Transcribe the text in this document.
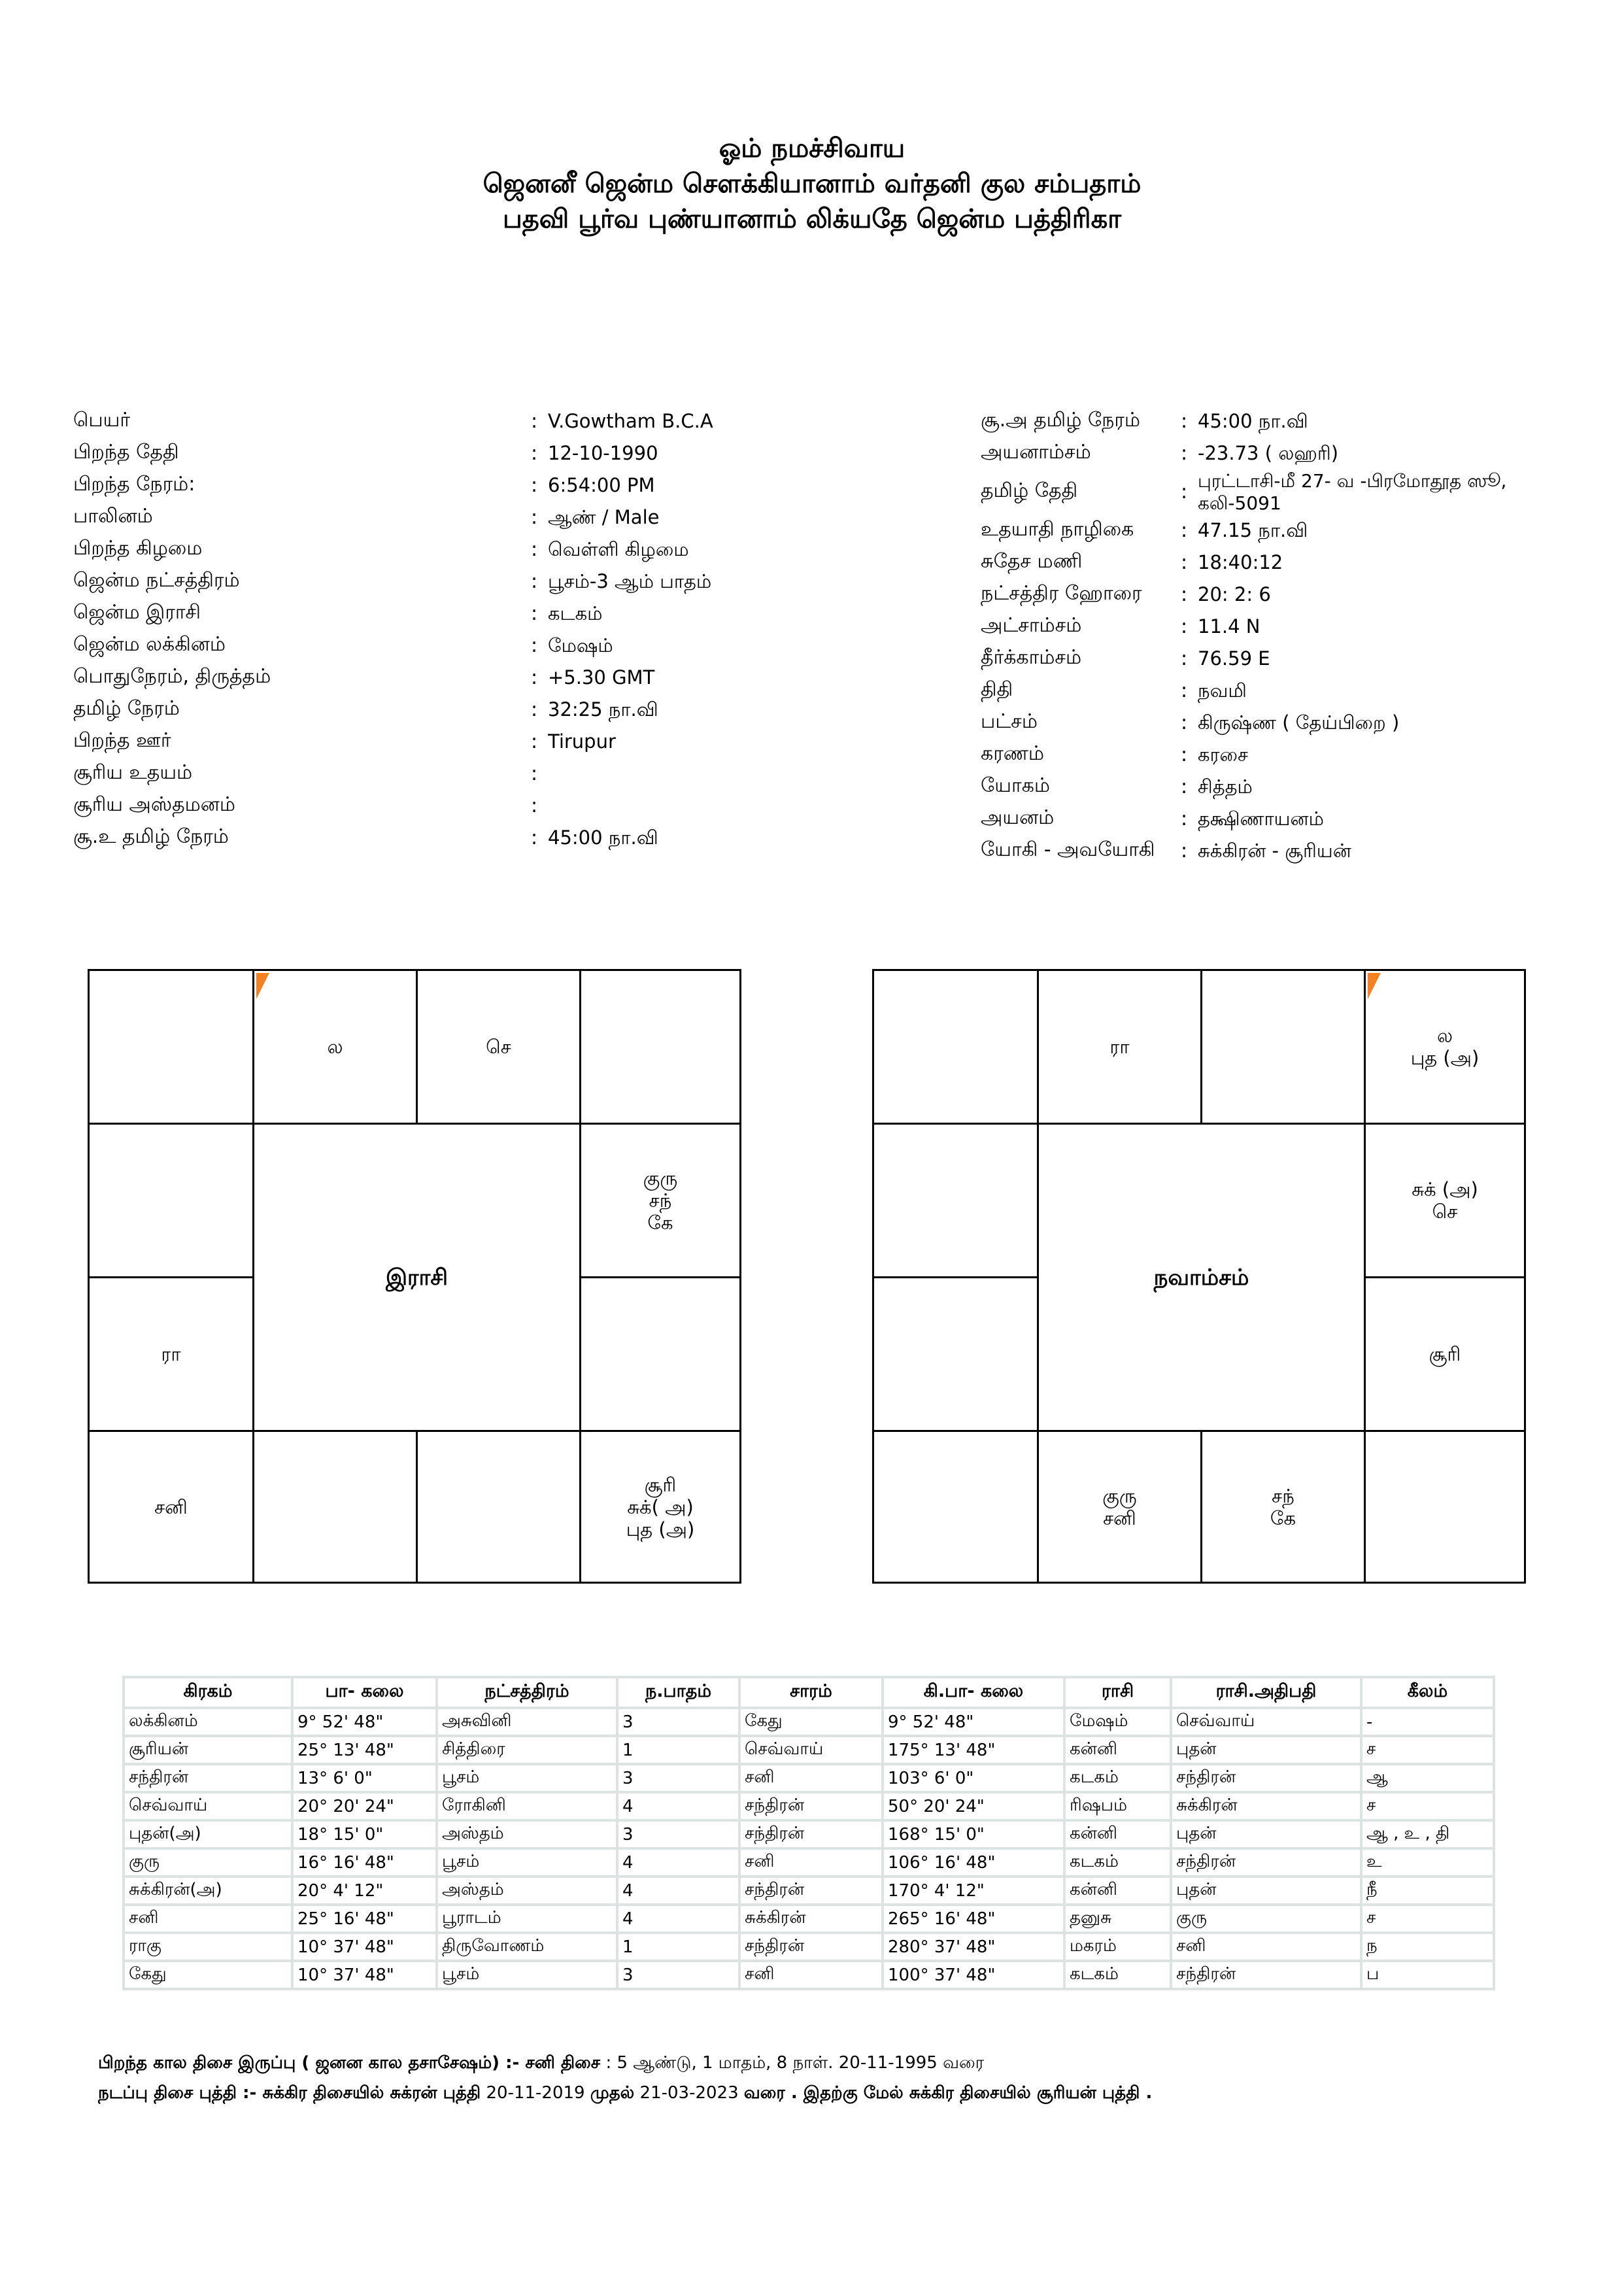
ஓம் நமச்சிவாய
ஜெனனீ ஜென்ம சௌக்கியானாம் வர்தனி குல சம்பதாம்
பதவி பூர்வ புண்யானாம் லிக்யதே ஜென்ம பத்திரிகா
பெயர்	: V.Gowtham B.C.A
பிறந்த தேதி	: 12-10-1990
பிறந்த நேரம்:	: 6:54:00 PM
பாலினம்	: ஆண் / Male
பிறந்த கிழமை	: வெள்ளி கிழமை
ஜென்ம நட்சத்திரம்	: பூசம்-3 ஆம் பாதம்
ஜென்ம இராசி	: கடகம்
ஜென்ம லக்கினம்	: மேஷம்
பொதுநேரம், திருத்தம்	: +5.30 GMT
தமிழ் நேரம்	: 32:25 நா.வி
பிறந்த ஊர்	: Tirupur
சூரிய உதயம்	:
சூரிய அஸ்தமனம்	:
சூ.உ தமிழ் நேரம்	: 45:00 நா.வி
சூ.அ தமிழ் நேரம் : 45:00 நா.வி
அயனாம்சம்	: -23.73 ( லஹரி)
தமிழ் தேதி	: புரட்டாசி-மீ 27- வ -பிரமோதூத ஸூ,
கலி-5091
உதயாதி நாழிகை : 47.15 நா.வி
சுதேச மணி	: 18:40:12
நட்சத்திர ஹோரை : 20: 2: 6
அட்சாம்சம்	: 11.4 N
தீர்க்காம்சம்	: 76.59 E
திதி	: நவமி
பட்சம்	: கிருஷ்ண ( தேய்பிறை )
கரணம்	: கரசை
யோகம்	: சித்தம்
அயனம்	: தக்ஷிணாயனம்
யோகி - அவயோகி : சுக்கிரன் - சூரியன்
ல	செ
குரு
சந்
கே
ரா
சனி
சூரி
சுக்( அ)
புத (அ)
இராசி
ரா	ல
புத (அ)
சுக் (அ)
செ
சூரி
குரு
சனி
சந்
கே
நவாம்சம்
கிரகம்	பா- கலை	நட்சத்திரம்	ந.பாதம்	சாரம்	கி.பா- கலை	ராசி	ராசி.அதிபதி	கீலம்
லக்கினம்	9° 52' 48"	அசுவினி	3	கேது	9° 52' 48"	மேஷம்	செவ்வாய்	-
சூரியன்	25° 13' 48"	சித்திரை	1	செவ்வாய்	175° 13' 48"	கன்னி	புதன்	ச
சந்திரன்	13° 6' 0"	பூசம்	3	சனி	103° 6' 0"	கடகம்	சந்திரன்	ஆ
செவ்வாய்	20° 20' 24"	ரோகினி	4	சந்திரன்	50° 20' 24"	ரிஷபம்	சுக்கிரன்	ச
புதன்(அ)	18° 15' 0"	அஸ்தம்	3	சந்திரன்	168° 15' 0"	கன்னி	புதன்	ஆ , உ , தி
குரு	16° 16' 48"	பூசம்	4	சனி	106° 16' 48"	கடகம்	சந்திரன்	உ
சுக்கிரன்(அ)	20° 4' 12"	அஸ்தம்	4	சந்திரன்	170° 4' 12"	கன்னி	புதன்	நீ
சனி	25° 16' 48"	பூராடம்	4	சுக்கிரன்	265° 16' 48"	தனுசு	குரு	ச
ராகு	10° 37' 48"	திருவோணம்	1	சந்திரன்	280° 37' 48"	மகரம்	சனி	ந
கேது	10° 37' 48"	பூசம்	3	சனி	100° 37' 48"	கடகம்	சந்திரன்	ப
பிறந்த கால திசை இருப்பு ( ஜனன கால தசாசேஷம்) :- சனி திசை : 5 ஆண்டு, 1 மாதம், 8 நாள். 20-11-1995 வரை
நடப்பு திசை புத்தி :- சுக்கிர திசையில் சுக்ரன் புத்தி 20-11-2019 முதல் 21-03-2023 வரை . இதற்கு மேல் சுக்கிர திசையில் சூரியன் புத்தி .
